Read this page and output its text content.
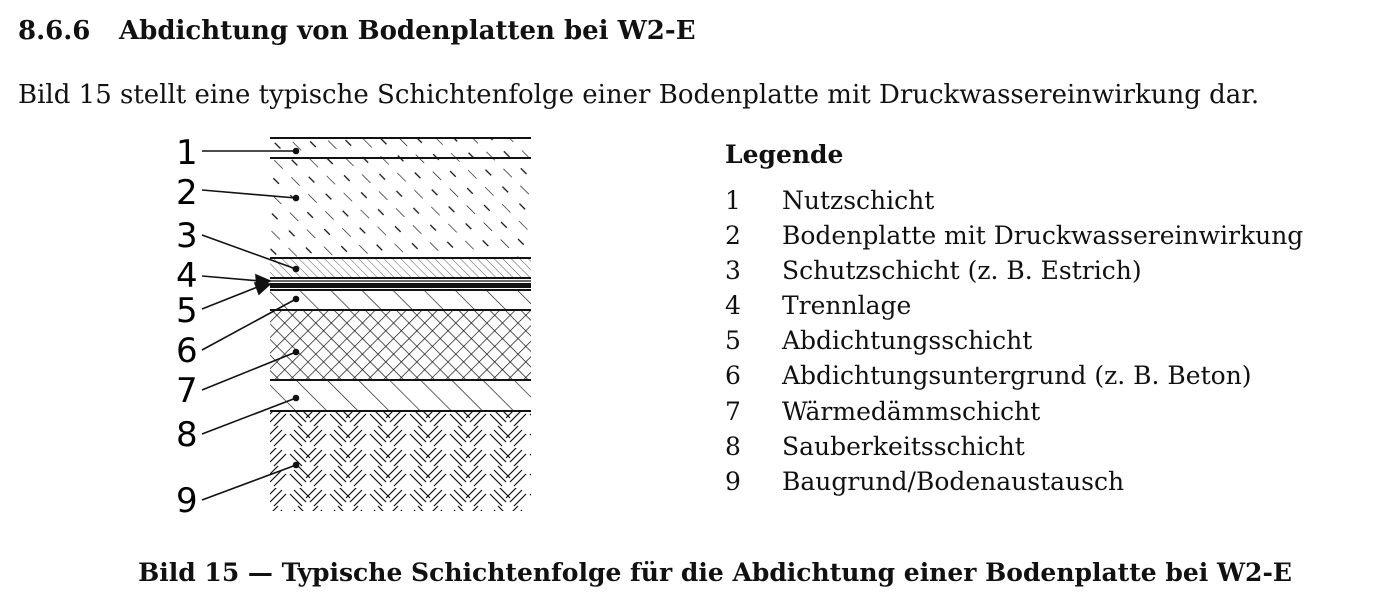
8.6.6 Abdichtung von Bodenplatten bei W2-E
Bild 15 stellt eine typische Schichtenfolge einer Bodenplatte mit Druckwassereinwirkung dar.
1
2
3
4
5
6
7
8
9
Legende
1 Nutzschicht
2 Bodenplatte mit Druckwassereinwirkung
3 Schutzschicht (z. B. Estrich)
4 Trennlage
5 Abdichtungsschicht
6 Abdichtungsuntergrund (z. B. Beton)
7 Wärmedämmschicht
8 Sauberkeitsschicht
9 Baugrund/Bodenaustausch
Bild 15 — Typische Schichtenfolge für die Abdichtung einer Bodenplatte bei W2-E
